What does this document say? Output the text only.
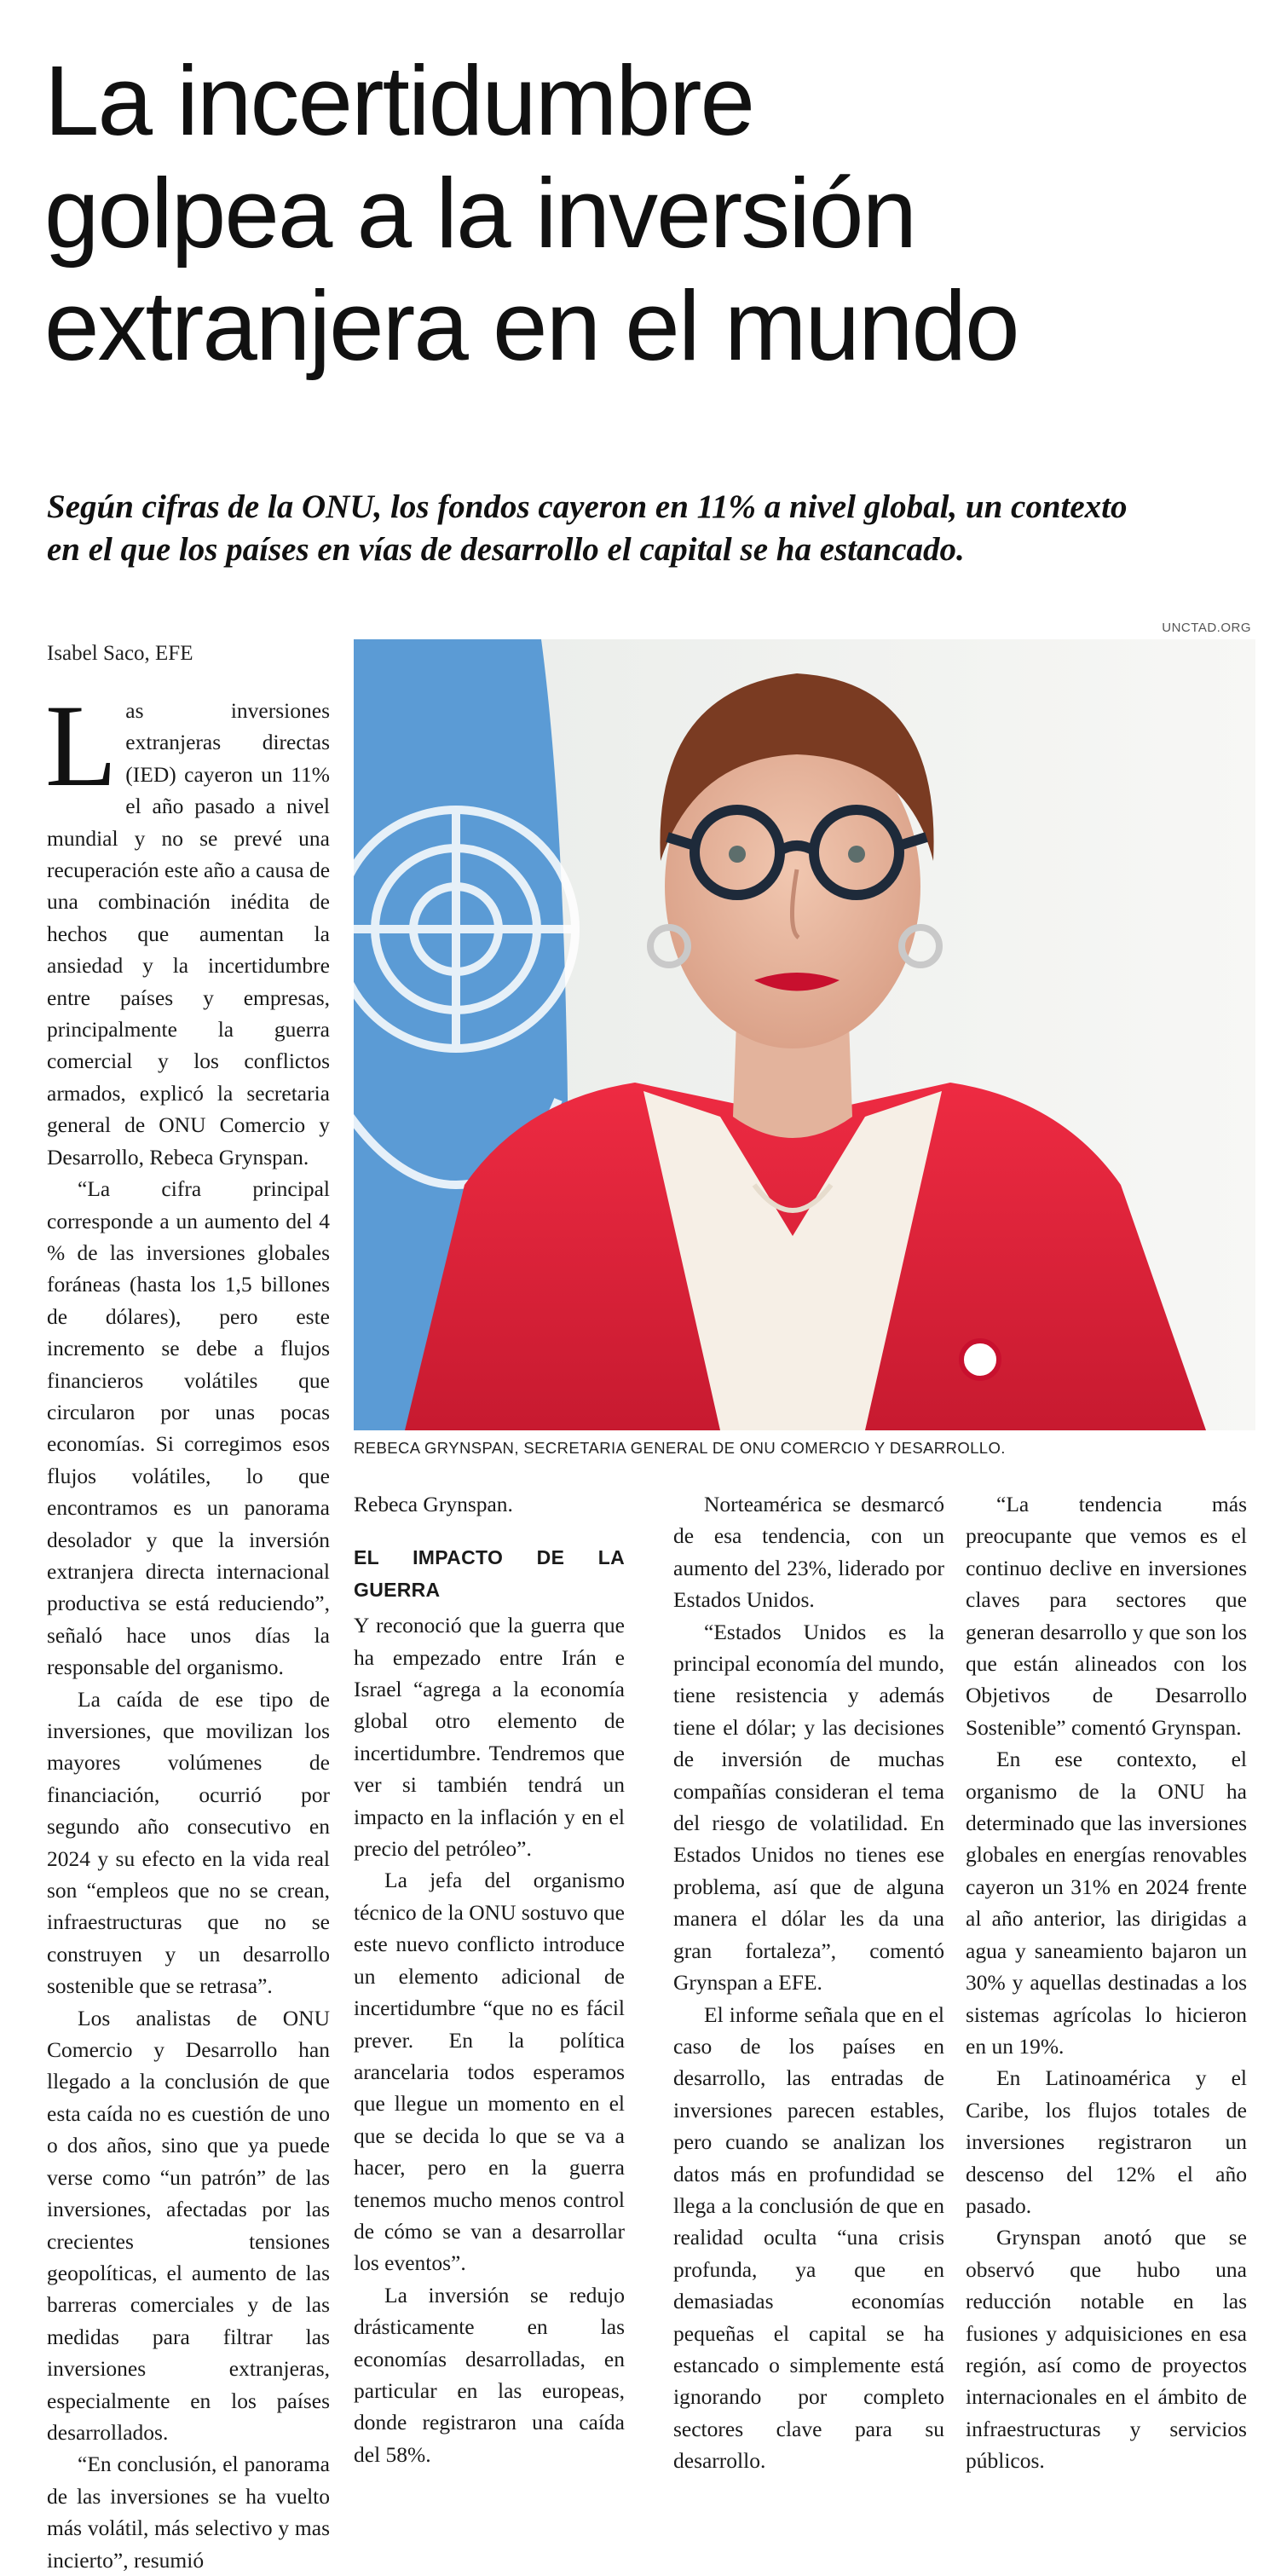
La incertidumbre
golpea a la inversión
extranjera en el mundo
Según cifras de la ONU, los fondos cayeron en 11% a nivel global, un contexto
en el que los países en vías de desarrollo el capital se ha estancado.
UNCTAD.ORG
Isabel Saco, EFE
REBECA GRYNSPAN, SECRETARIA GENERAL DE ONU COMERCIO Y DESARROLLO.

Las inversiones extranjeras directas (IED) cayeron un 11% el año pasado a nivel mundial y no se prevé una recuperación este año a causa de una combinación inédita de hechos que aumentan la ansiedad y la incertidumbre entre países y empresas, principalmente la guerra comercial y los conflictos armados, explicó la secretaria general de ONU Comercio y Desarrollo, Rebeca Grynspan.

“La cifra principal corresponde a un aumento del 4 % de las inversiones globales foráneas (hasta los 1,5 billones de dólares), pero este incremento se debe a flujos financieros volátiles que circularon por unas pocas economías. Si corregimos esos flujos volátiles, lo que encontramos es un panorama desolador y que la inversión extranjera directa internacional productiva se está reduciendo”, señaló hace unos días la responsable del organismo.

La caída de ese tipo de inversiones, que movilizan los mayores volúmenes de financiación, ocurrió por segundo año consecutivo en 2024 y su efecto en la vida real son “empleos que no se crean, infraestructuras que no se construyen y un desarrollo sostenible que se retrasa”.

Los analistas de ONU Comercio y Desarrollo han llegado a la conclusión de que esta caída no es cuestión de uno o dos años, sino que ya puede verse como “un patrón” de las inversiones, afectadas por las crecientes tensiones geopolíticas, el aumento de las barreras comerciales y de las medidas para filtrar las inversiones extranjeras, especialmente en los países desarrollados.

“En conclusión, el panorama de las inversiones se ha vuelto más volátil, más selectivo y mas incierto”, resumió

Rebeca Grynspan.

EL IMPACTO DE LA GUERRA

Y reconoció que la guerra que ha empezado entre Irán e Israel “agrega a la economía global otro elemento de incertidumbre. Tendremos que ver si también tendrá un impacto en la inflación y en el precio del petróleo”.

La jefa del organismo técnico de la ONU sostuvo que este nuevo conflicto introduce un elemento adicional de incertidumbre “que no es fácil prever. En la política arancelaria todos esperamos que llegue un momento en el que se decida lo que se va a hacer, pero en la guerra tenemos mucho menos control de cómo se van a desarrollar los eventos”.

La inversión se redujo drásticamente en las economías desarrolladas, en particular en las europeas, donde registraron una caída del 58%.

Norteamérica se desmarcó de esa tendencia, con un aumento del 23%, liderado por Estados Unidos.

“Estados Unidos es la principal economía del mundo, tiene resistencia y además tiene el dólar; y las decisiones de inversión de muchas compañías consideran el tema del riesgo de volatilidad. En Estados Unidos no tienes ese problema, así que de alguna manera el dólar les da una gran fortaleza”, comentó Grynspan a EFE.

El informe señala que en el caso de los países en desarrollo, las entradas de inversiones parecen estables, pero cuando se analizan los datos más en profundidad se llega a la conclusión de que en realidad oculta “una crisis profunda, ya que en demasiadas economías pequeñas el capital se ha estancado o simplemente está ignorando por completo sectores clave para su desarrollo.

“La tendencia más preocupante que vemos es el continuo declive en inversiones claves para sectores que generan desarrollo y que son los que están alineados con los Objetivos de Desarrollo Sostenible” comentó Grynspan.

En ese contexto, el organismo de la ONU ha determinado que las inversiones globales en energías renovables cayeron un 31% en 2024 frente al año anterior, las dirigidas a agua y saneamiento bajaron un 30% y aquellas destinadas a los sistemas agrícolas lo hicieron en un 19%.

En Latinoamérica y el Caribe, los flujos totales de inversiones registraron un descenso del 12% el año pasado.

Grynspan anotó que se observó que hubo una reducción notable en las fusiones y adquisiciones en esa región, así como de proyectos internacionales en el ámbito de infraestructuras y servicios públicos.
